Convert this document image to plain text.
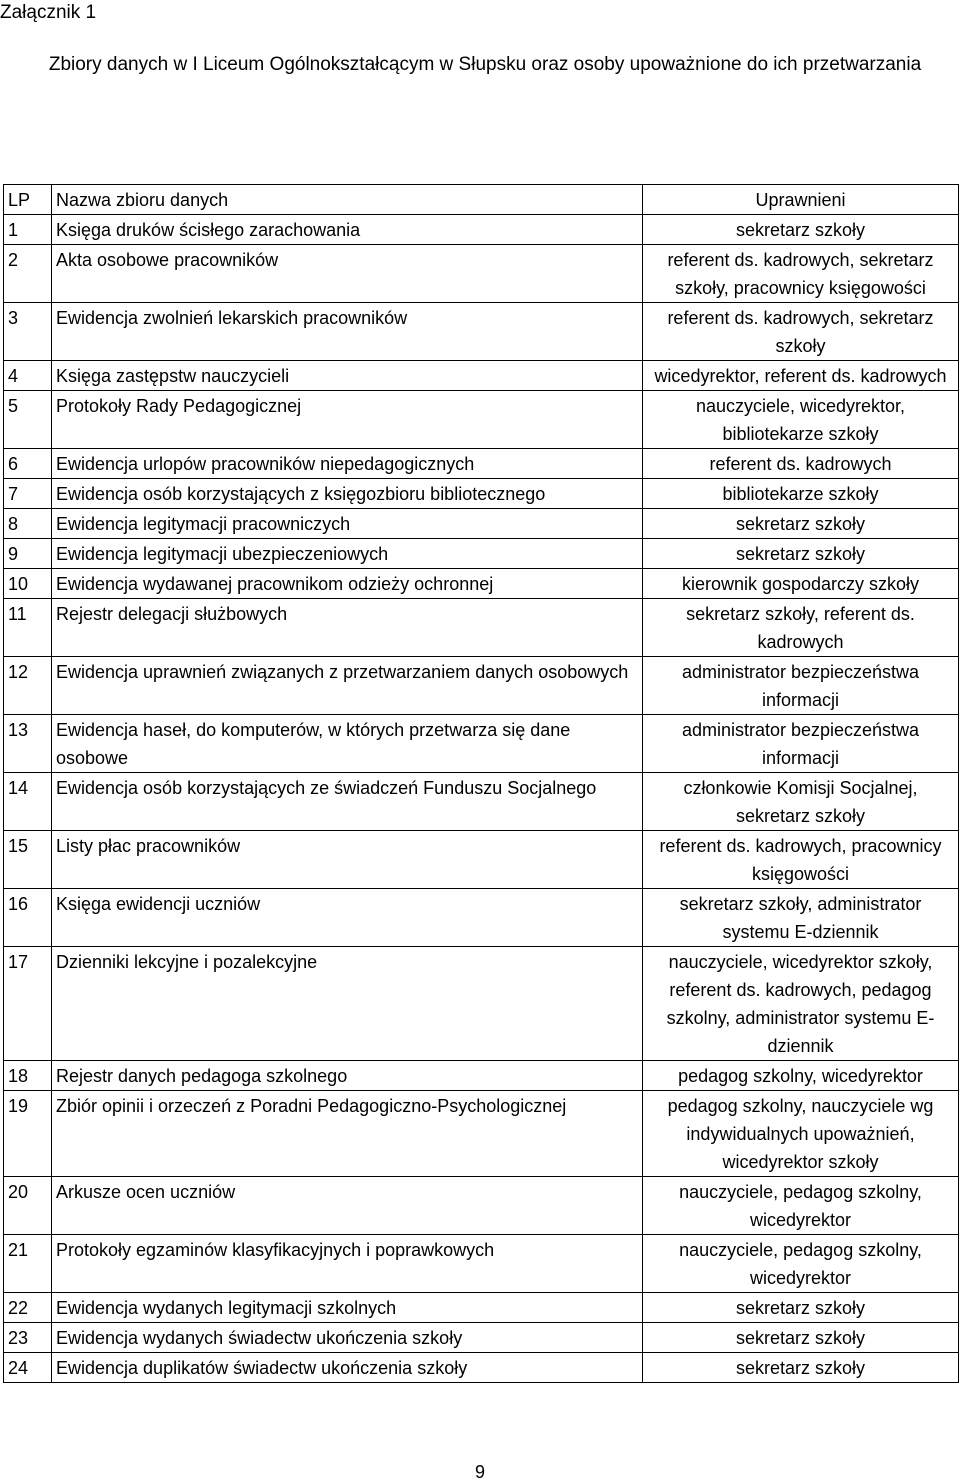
Załącznik 1
Zbiory danych w I Liceum Ogólnokształcącym w Słupsku oraz osoby upoważnione do ich przetwarzania
LP	Nazwa zbioru danych	Uprawnieni
1	Księga druków ścisłego zarachowania	sekretarz szkoły
2	Akta osobowe pracowników	referent ds. kadrowych, sekretarz szkoły, pracownicy księgowości
3	Ewidencja zwolnień lekarskich pracowników	referent ds. kadrowych, sekretarz szkoły
4	Księga zastępstw nauczycieli	wicedyrektor, referent ds. kadrowych
5	Protokoły Rady Pedagogicznej	nauczyciele, wicedyrektor, bibliotekarze szkoły
6	Ewidencja urlopów pracowników niepedagogicznych	referent ds. kadrowych
7	Ewidencja osób korzystających z księgozbioru bibliotecznego	bibliotekarze szkoły
8	Ewidencja legitymacji pracowniczych	sekretarz szkoły
9	Ewidencja legitymacji ubezpieczeniowych	sekretarz szkoły
10	Ewidencja wydawanej pracownikom odzieży ochronnej	kierownik gospodarczy szkoły
11	Rejestr delegacji służbowych	sekretarz szkoły, referent ds. kadrowych
12	Ewidencja uprawnień związanych z przetwarzaniem danych osobowych	administrator bezpieczeństwa informacji
13	Ewidencja haseł, do komputerów, w których przetwarza się dane osobowe	administrator bezpieczeństwa informacji
14	Ewidencja osób korzystających ze świadczeń Funduszu Socjalnego	członkowie Komisji Socjalnej, sekretarz szkoły
15	Listy płac pracowników	referent ds. kadrowych, pracownicy księgowości
16	Księga ewidencji uczniów	sekretarz szkoły, administrator systemu E-dziennik
17	Dzienniki lekcyjne i pozalekcyjne	nauczyciele, wicedyrektor szkoły, referent ds. kadrowych, pedagog szkolny, administrator systemu E-dziennik
18	Rejestr danych pedagoga szkolnego	pedagog szkolny, wicedyrektor
19	Zbiór opinii i orzeczeń z Poradni Pedagogiczno-Psychologicznej	pedagog szkolny, nauczyciele wg indywidualnych upoważnień, wicedyrektor szkoły
20	Arkusze ocen uczniów	nauczyciele, pedagog szkolny, wicedyrektor
21	Protokoły egzaminów klasyfikacyjnych i poprawkowych	nauczyciele, pedagog szkolny, wicedyrektor
22	Ewidencja wydanych legitymacji szkolnych	sekretarz szkoły
23	Ewidencja wydanych świadectw ukończenia szkoły	sekretarz szkoły
24	Ewidencja duplikatów świadectw ukończenia szkoły	sekretarz szkoły
9
